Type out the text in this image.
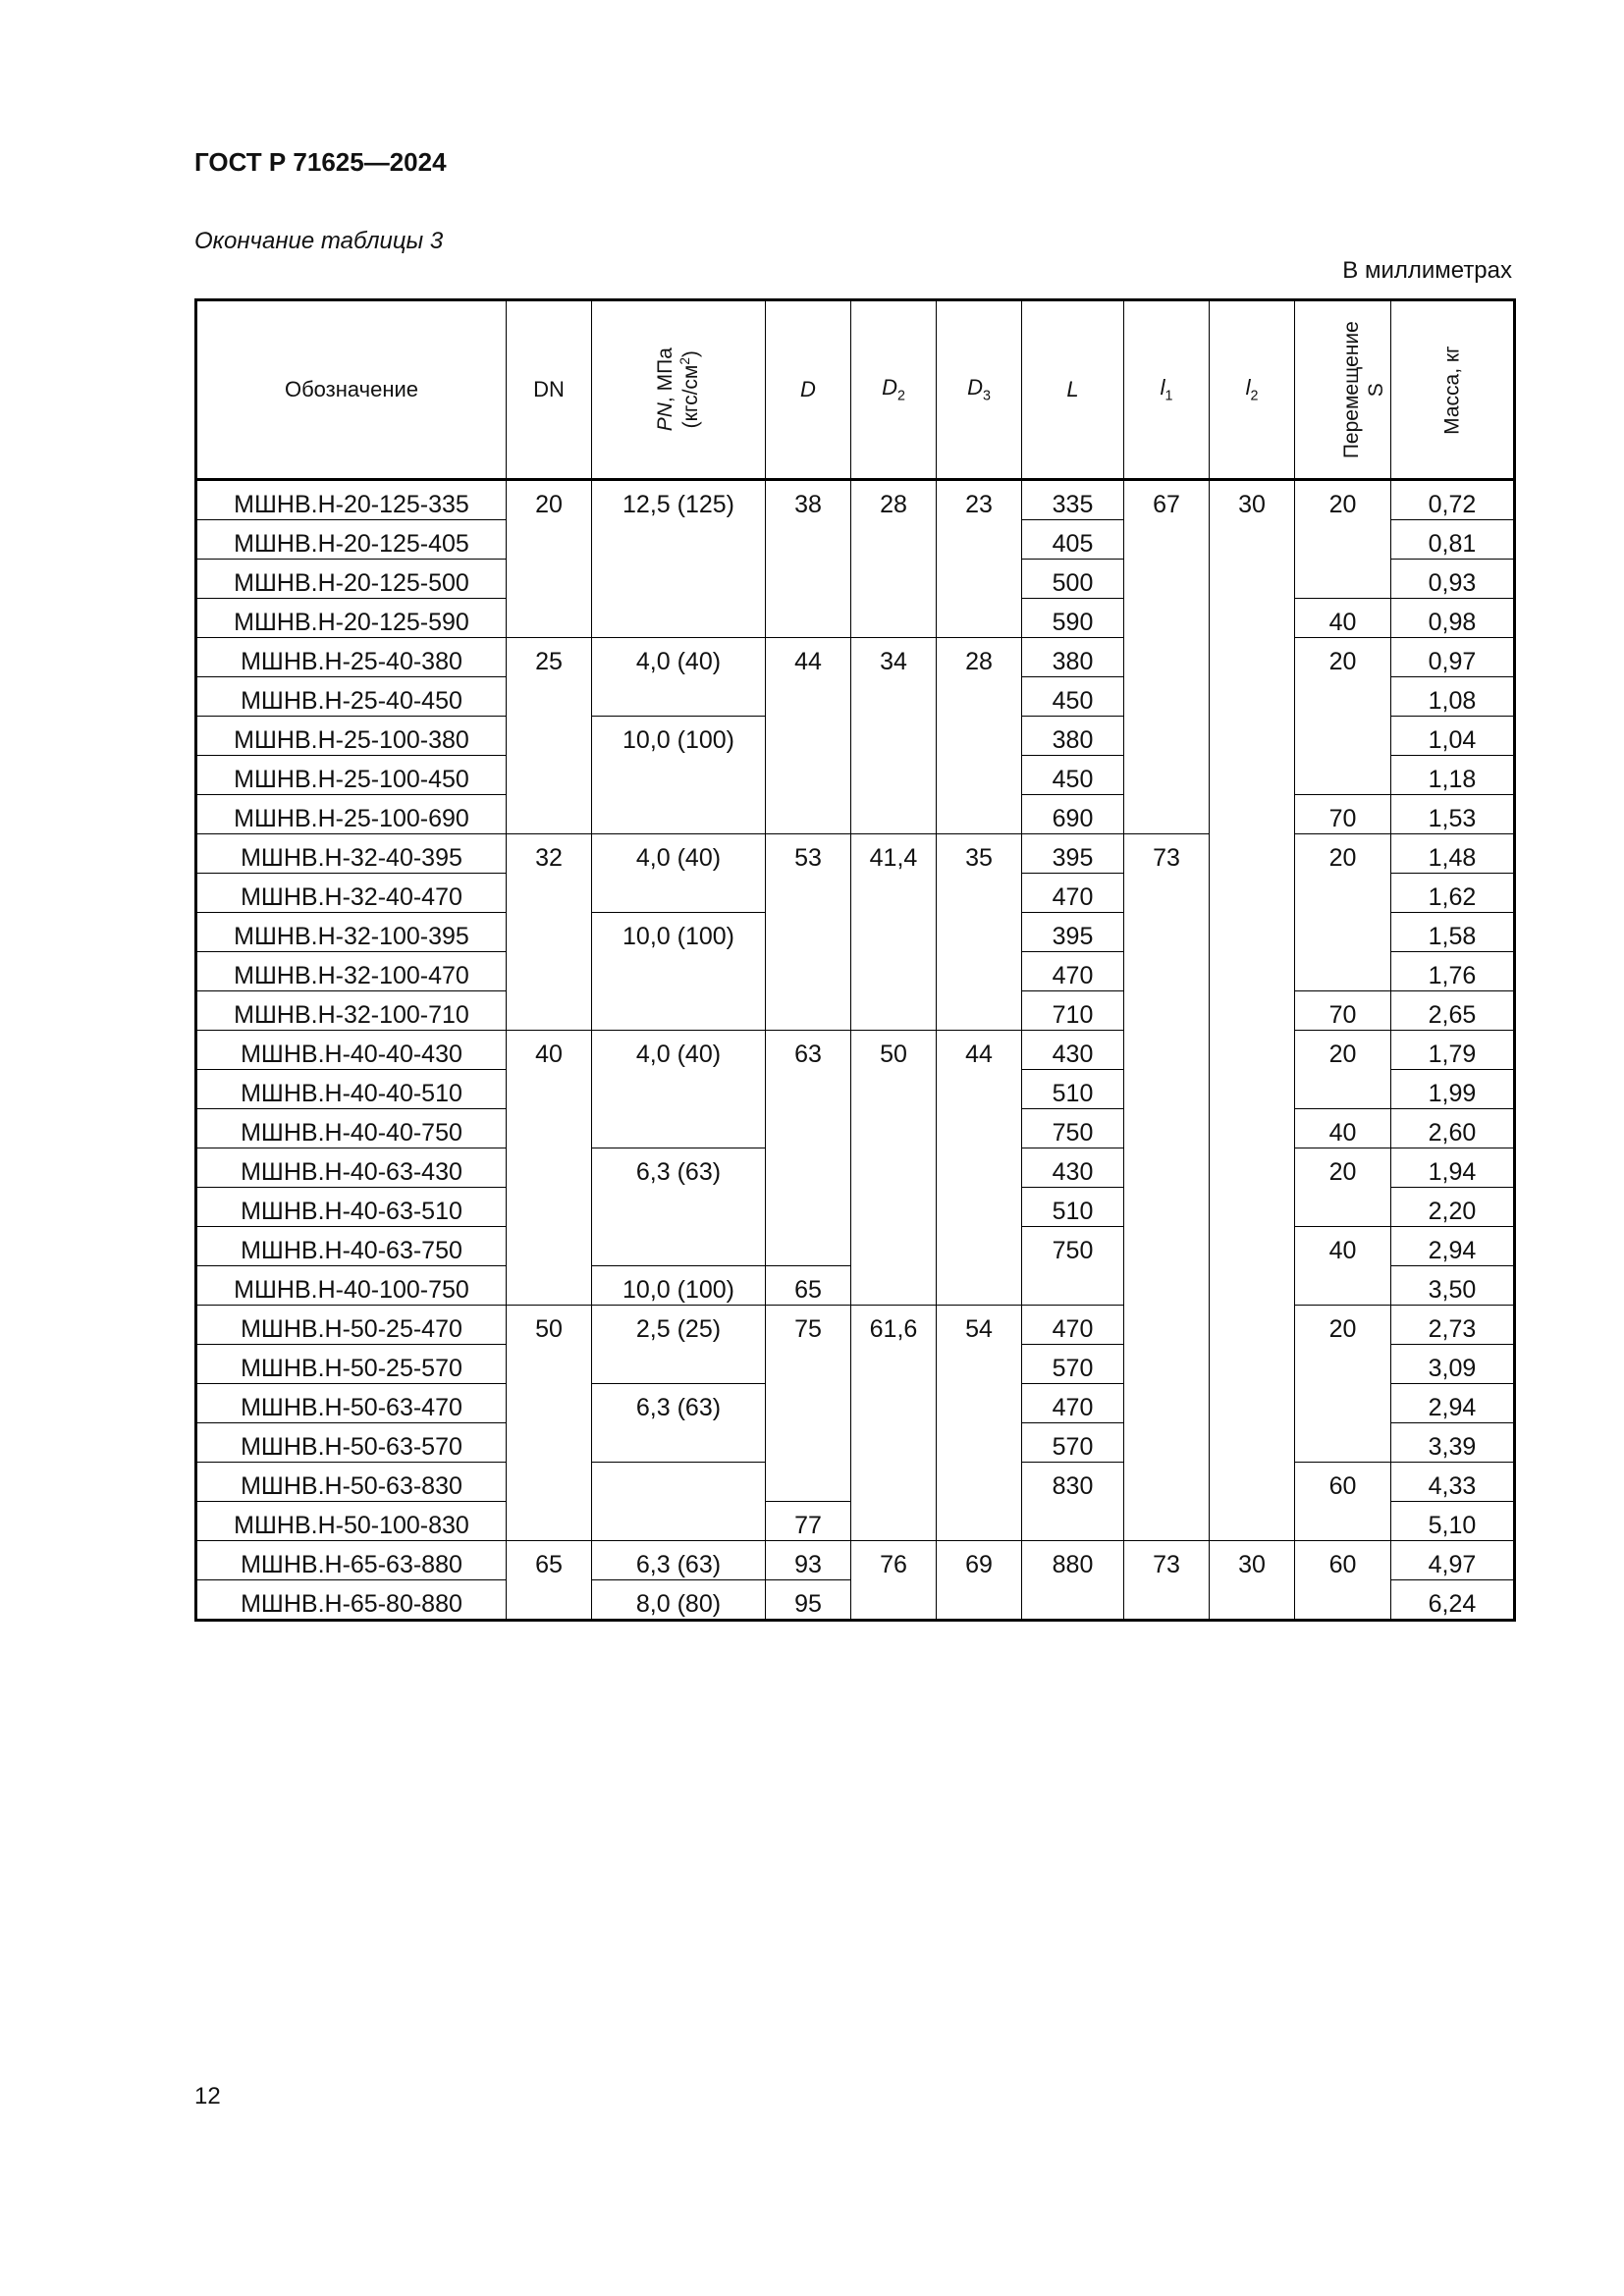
ГОСТ Р 71625—2024
Окончание таблицы 3
В миллиметрах
Обозначение	DN	PN, МПа $(кгс/см^2)$	D	$D_2$	$D_3$	L	$l_1$	$l_2$	Перемещение S	Масса, кг
МШНВ.Н-20-125-335	20	12,5 (125)	38	28	23	335	67	30	20	0,72
МШНВ.Н-20-125-405						405				0,81
МШНВ.Н-20-125-500						500				0,93
МШНВ.Н-20-125-590						590			40	0,98
МШНВ.Н-25-40-380	25	4,0 (40)	44	34	28	380			20	0,97
МШНВ.Н-25-40-450						450				1,08
МШНВ.Н-25-100-380		10,0 (100)				380				1,04
МШНВ.Н-25-100-450						450				1,18
МШНВ.Н-25-100-690						690			70	1,53
МШНВ.Н-32-40-395	32	4,0 (40)	53	41,4	35	395	73		20	1,48
МШНВ.Н-32-40-470						470				1,62
МШНВ.Н-32-100-395		10,0 (100)				395				1,58
МШНВ.Н-32-100-470						470				1,76
МШНВ.Н-32-100-710						710			70	2,65
МШНВ.Н-40-40-430	40	4,0 (40)	63	50	44	430			20	1,79
МШНВ.Н-40-40-510						510				1,99
МШНВ.Н-40-40-750						750			40	2,60
МШНВ.Н-40-63-430		6,3 (63)				430			20	1,94
МШНВ.Н-40-63-510						510				2,20
МШНВ.Н-40-63-750						750			40	2,94
МШНВ.Н-40-100-750		10,0 (100)	65							3,50
МШНВ.Н-50-25-470	50	2,5 (25)	75	61,6	54	470			20	2,73
МШНВ.Н-50-25-570						570				3,09
МШНВ.Н-50-63-470		6,3 (63)				470				2,94
МШНВ.Н-50-63-570						570				3,39
МШНВ.Н-50-63-830						830			60	4,33
МШНВ.Н-50-100-830			77							5,10
МШНВ.Н-65-63-880	65	6,3 (63)	93	76	69	880	73	30	60	4,97
МШНВ.Н-65-80-880		8,0 (80)	95							6,24
12
